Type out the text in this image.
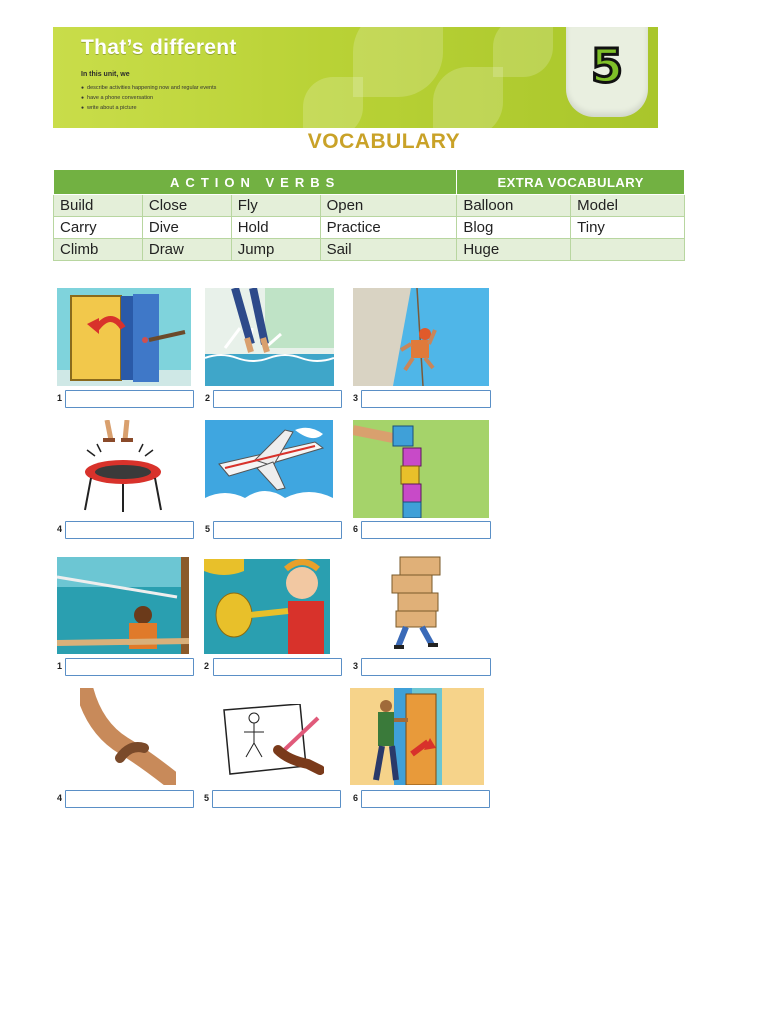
That’s different
In this unit, we
● describe activities happening now and regular events
● have a phone conversation
● write about a picture
5
VOCABULARY
ACTION VERBS				EXTRA VOCABULARY	
Build	Close	Fly	Open	Balloon	Model
Carry	Dive	Hold	Practice	Blog	Tiny
Climb	Draw	Jump	Sail	Huge	
1	2	3
4	5	6
1	2	3
4	5	6
